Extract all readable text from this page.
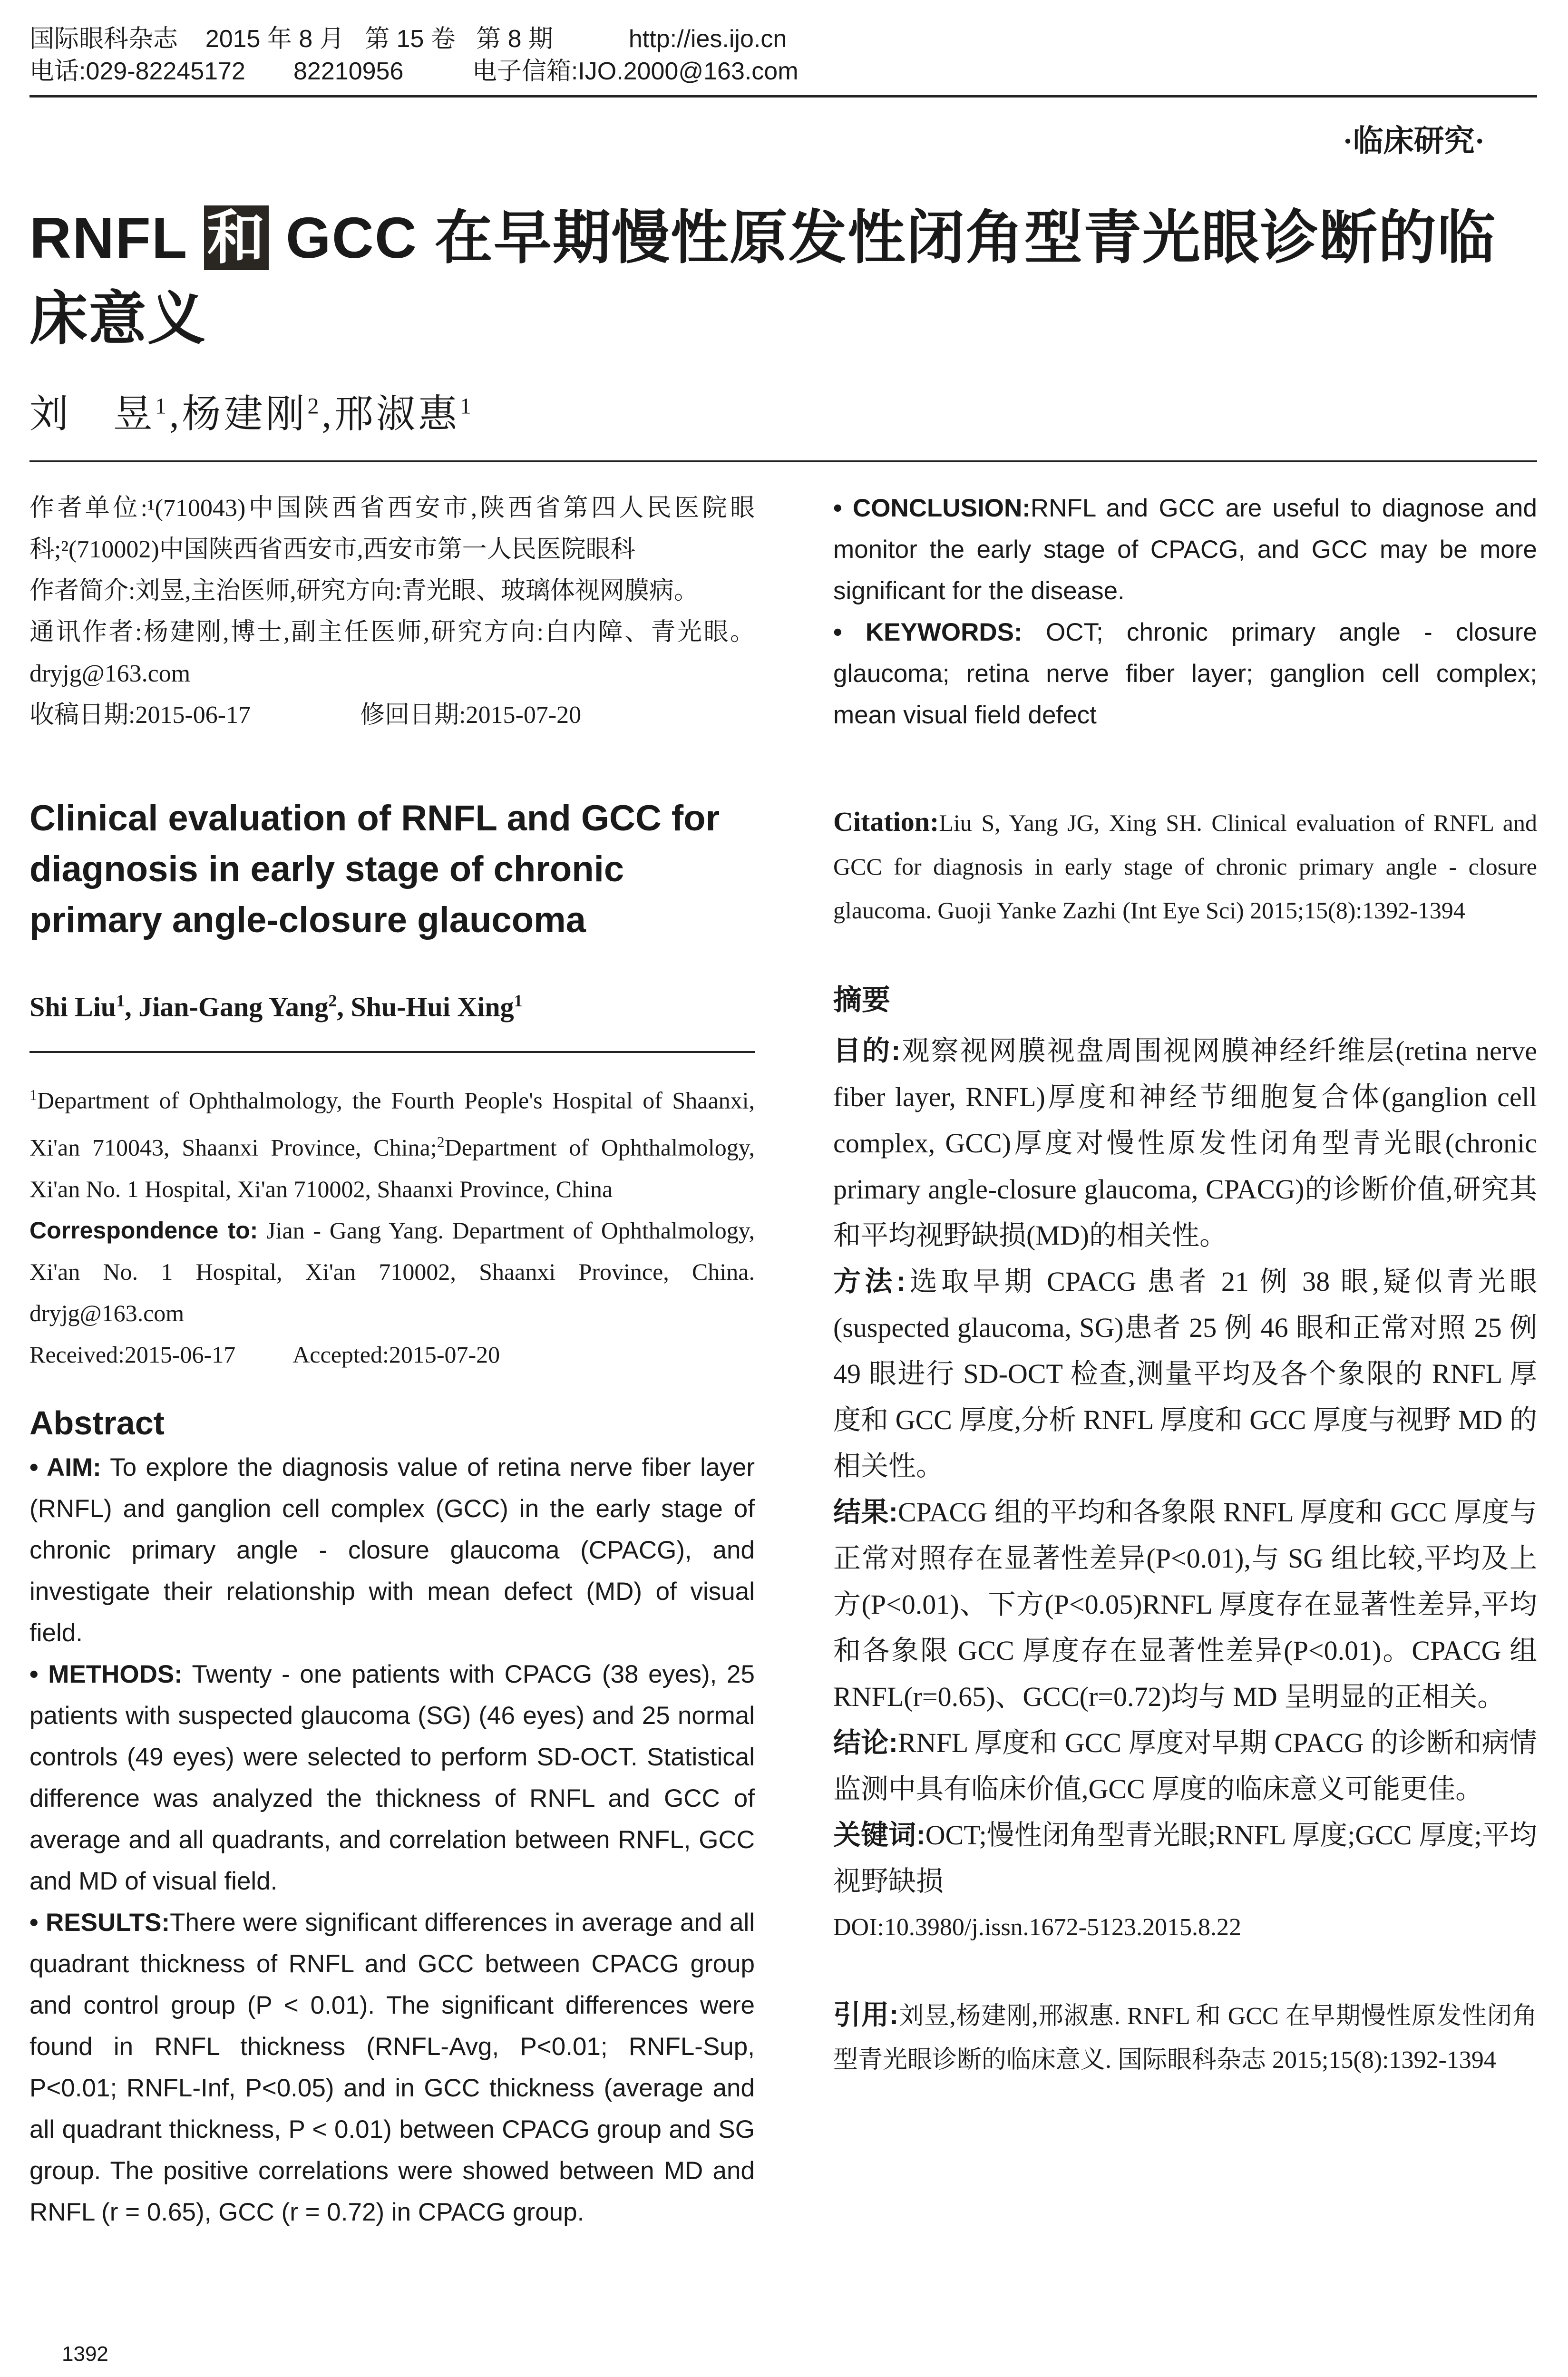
国际眼科杂志    2015 年 8 月   第 15 卷   第 8 期           http://ies.ijo.cn
电话:029-82245172       82210956          电子信箱:IJO.2000@163.com
·临床研究·
RNFL 和 GCC 在早期慢性原发性闭角型青光眼诊断的临床意义
刘　昱$^1$,杨建刚$^2$,邢淑惠$^1$

作者单位:¹(710043)中国陕西省西安市,陕西省第四人民医院眼科;²(710002)中国陕西省西安市,西安市第一人民医院眼科

作者简介:刘昱,主治医师,研究方向:青光眼、玻璃体视网膜病。

通讯作者:杨建刚,博士,副主任医师,研究方向:白内障、青光眼。dryjg@163.com

收稿日期:2015-06-17	修回日期:2015-07-20

Clinical evaluation of RNFL and GCC for diagnosis in early stage of chronic primary angle-closure glaucoma
Shi Liu$^1$, Jian-Gang Yang$^2$, Shu-Hui Xing$^1$

$^1$Department of Ophthalmology, the Fourth People's Hospital of Shaanxi, Xi'an 710043, Shaanxi Province, China;$^2$Department of Ophthalmology, Xi'an No. 1 Hospital, Xi'an 710002, Shaanxi Province, China

Correspondence to: Jian - Gang Yang. Department of Ophthalmology, Xi'an No. 1 Hospital, Xi'an 710002, Shaanxi Province, China. dryjg@163.com

Received:2015-06-17 Accepted:2015-07-20

Abstract

• AIM: To explore the diagnosis value of retina nerve fiber layer (RNFL) and ganglion cell complex (GCC) in the early stage of chronic primary angle - closure glaucoma (CPACG), and investigate their relationship with mean defect (MD) of visual field.

• METHODS: Twenty - one patients with CPACG (38 eyes), 25 patients with suspected glaucoma (SG) (46 eyes) and 25 normal controls (49 eyes) were selected to perform SD-OCT. Statistical difference was analyzed the thickness of RNFL and GCC of average and all quadrants, and correlation between RNFL, GCC and MD of visual field.

• RESULTS:There were significant differences in average and all quadrant thickness of RNFL and GCC between CPACG group and control group (P < 0.01). The significant differences were found in RNFL thickness (RNFL-Avg, P<0.01; RNFL-Sup, P<0.01; RNFL-Inf, P<0.05) and in GCC thickness (average and all quadrant thickness, P < 0.01) between CPACG group and SG group. The positive correlations were showed between MD and RNFL (r = 0.65), GCC (r = 0.72) in CPACG group.

• CONCLUSION:RNFL and GCC are useful to diagnose and monitor the early stage of CPACG, and GCC may be more significant for the disease.

• KEYWORDS: OCT; chronic primary angle - closure glaucoma; retina nerve fiber layer; ganglion cell complex; mean visual field defect

Citation:Liu S, Yang JG, Xing SH. Clinical evaluation of RNFL and GCC for diagnosis in early stage of chronic primary angle - closure glaucoma. Guoji Yanke Zazhi (Int Eye Sci) 2015;15(8):1392-1394

摘要

目的:观察视网膜视盘周围视网膜神经纤维层(retina nerve fiber layer, RNFL)厚度和神经节细胞复合体(ganglion cell complex, GCC)厚度对慢性原发性闭角型青光眼(chronic primary angle-closure glaucoma, CPACG)的诊断价值,研究其和平均视野缺损(MD)的相关性。

方法:选取早期 CPACG 患者 21 例 38 眼,疑似青光眼(suspected glaucoma, SG)患者 25 例 46 眼和正常对照 25 例 49 眼进行 SD-OCT 检查,测量平均及各个象限的 RNFL 厚度和 GCC 厚度,分析 RNFL 厚度和 GCC 厚度与视野 MD 的相关性。

结果:CPACG 组的平均和各象限 RNFL 厚度和 GCC 厚度与正常对照存在显著性差异(P<0.01),与 SG 组比较,平均及上方(P<0.01)、下方(P<0.05)RNFL 厚度存在显著性差异,平均和各象限 GCC 厚度存在显著性差异(P<0.01)。CPACG 组 RNFL(r=0.65)、GCC(r=0.72)均与 MD 呈明显的正相关。

结论:RNFL 厚度和 GCC 厚度对早期 CPACG 的诊断和病情监测中具有临床价值,GCC 厚度的临床意义可能更佳。

关键词:OCT;慢性闭角型青光眼;RNFL 厚度;GCC 厚度;平均视野缺损

DOI:10.3980/j.issn.1672-5123.2015.8.22

引用:刘昱,杨建刚,邢淑惠. RNFL 和 GCC 在早期慢性原发性闭角型青光眼诊断的临床意义. 国际眼科杂志 2015;15(8):1392-1394

1392
